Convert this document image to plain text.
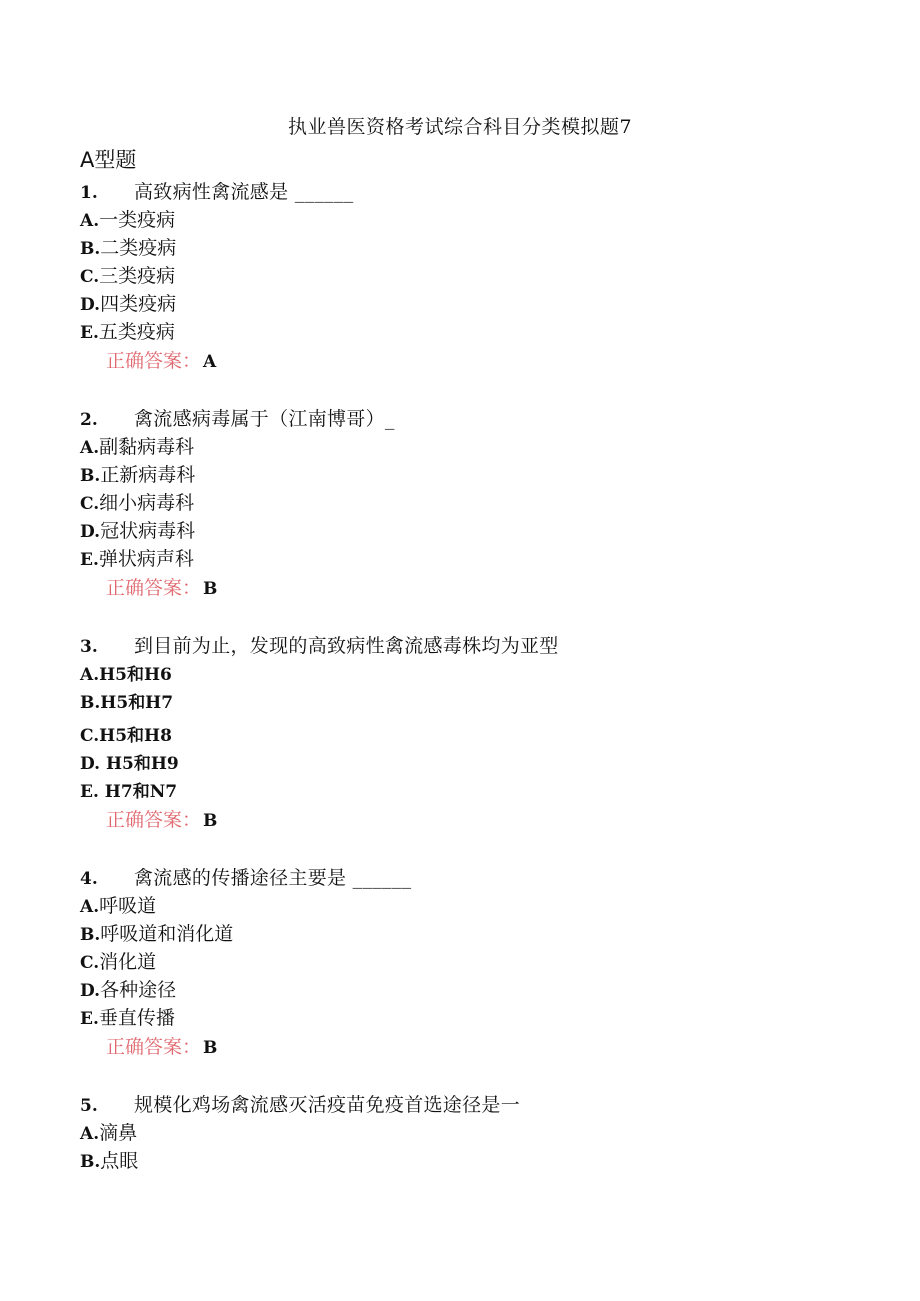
执业兽医资格考试综合科目分类模拟题7
A型题
1. 高致病性禽流感是 ______
A.一类疫病
B.二类疫病
C.三类疫病
D.四类疫病
E.五类疫病
正确答案： A
2. 禽流感病毒属于（江南博哥）_
A.副黏病毒科
B.正新病毒科
C.细小病毒科
D.冠状病毒科
E.弹状病声科
正确答案： B
3. 到目前为止，发现的高致病性禽流感毒株均为亚型
A.H5和H6
B.H5和H7
C.H5和H8
D. H5和H9
E. H7和N7
正确答案： B
4. 禽流感的传播途径主要是 ______
A.呼吸道
B.呼吸道和消化道
C.消化道
D.各种途径
E.垂直传播
正确答案： B
5. 规模化鸡场禽流感灭活疫苗免疫首选途径是一
A.滴鼻
B.点眼
